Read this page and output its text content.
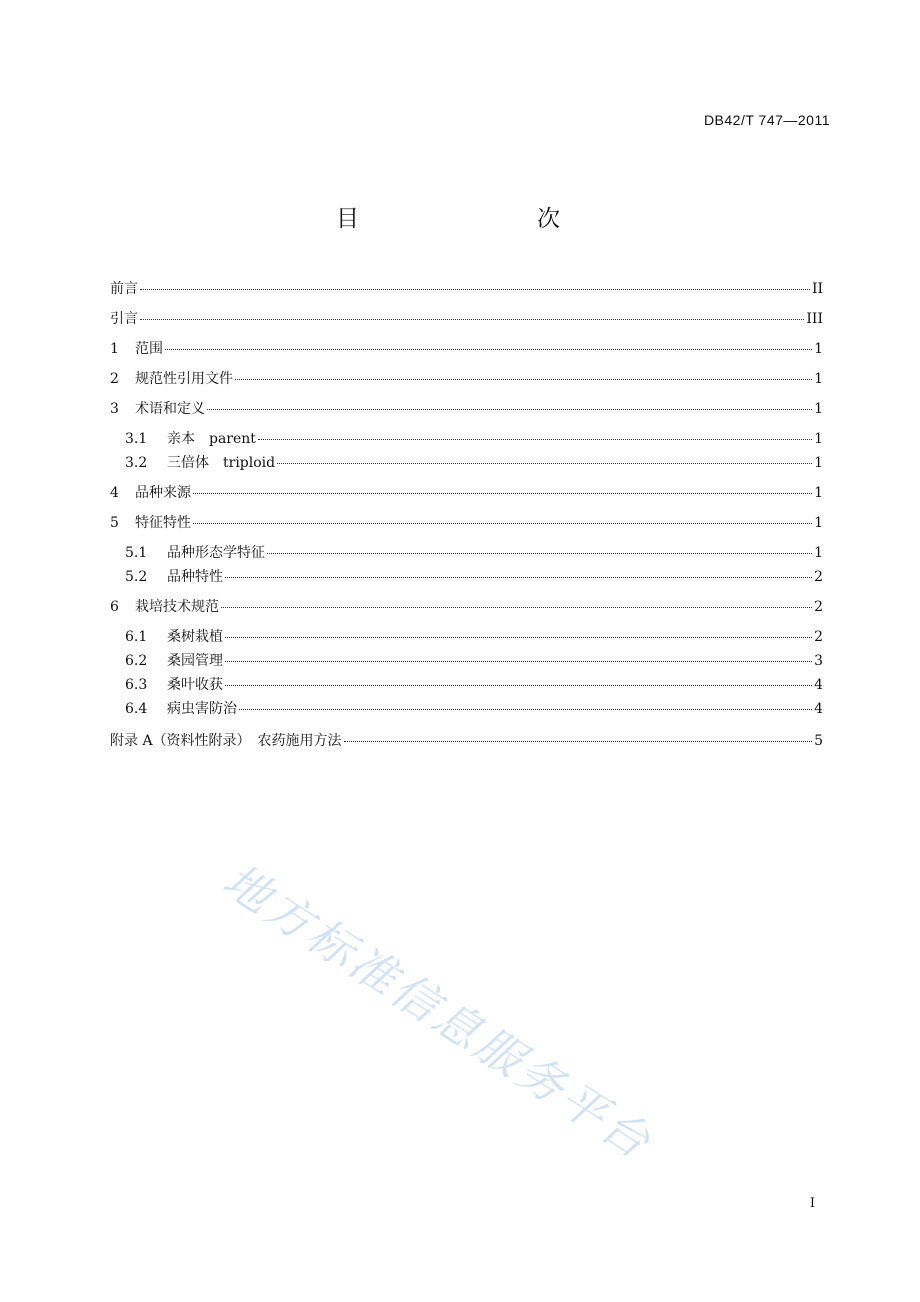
DB42/T 747—2011
目　　次
前言	II
引言	III
1	范围	1
2	规范性引用文件	1
3	术语和定义	1
3.1	亲本　parent	1
3.2	三倍体　triploid	1
4	品种来源	1
5	特征特性	1
5.1	品种形态学特征	1
5.2	品种特性	2
6	栽培技术规范	2
6.1	桑树栽植	2
6.2	桑园管理	3
6.3	桑叶收获	4
6.4	病虫害防治	4
附录 A（资料性附录）　农药施用方法	5
地方标准信息服务平台
I
